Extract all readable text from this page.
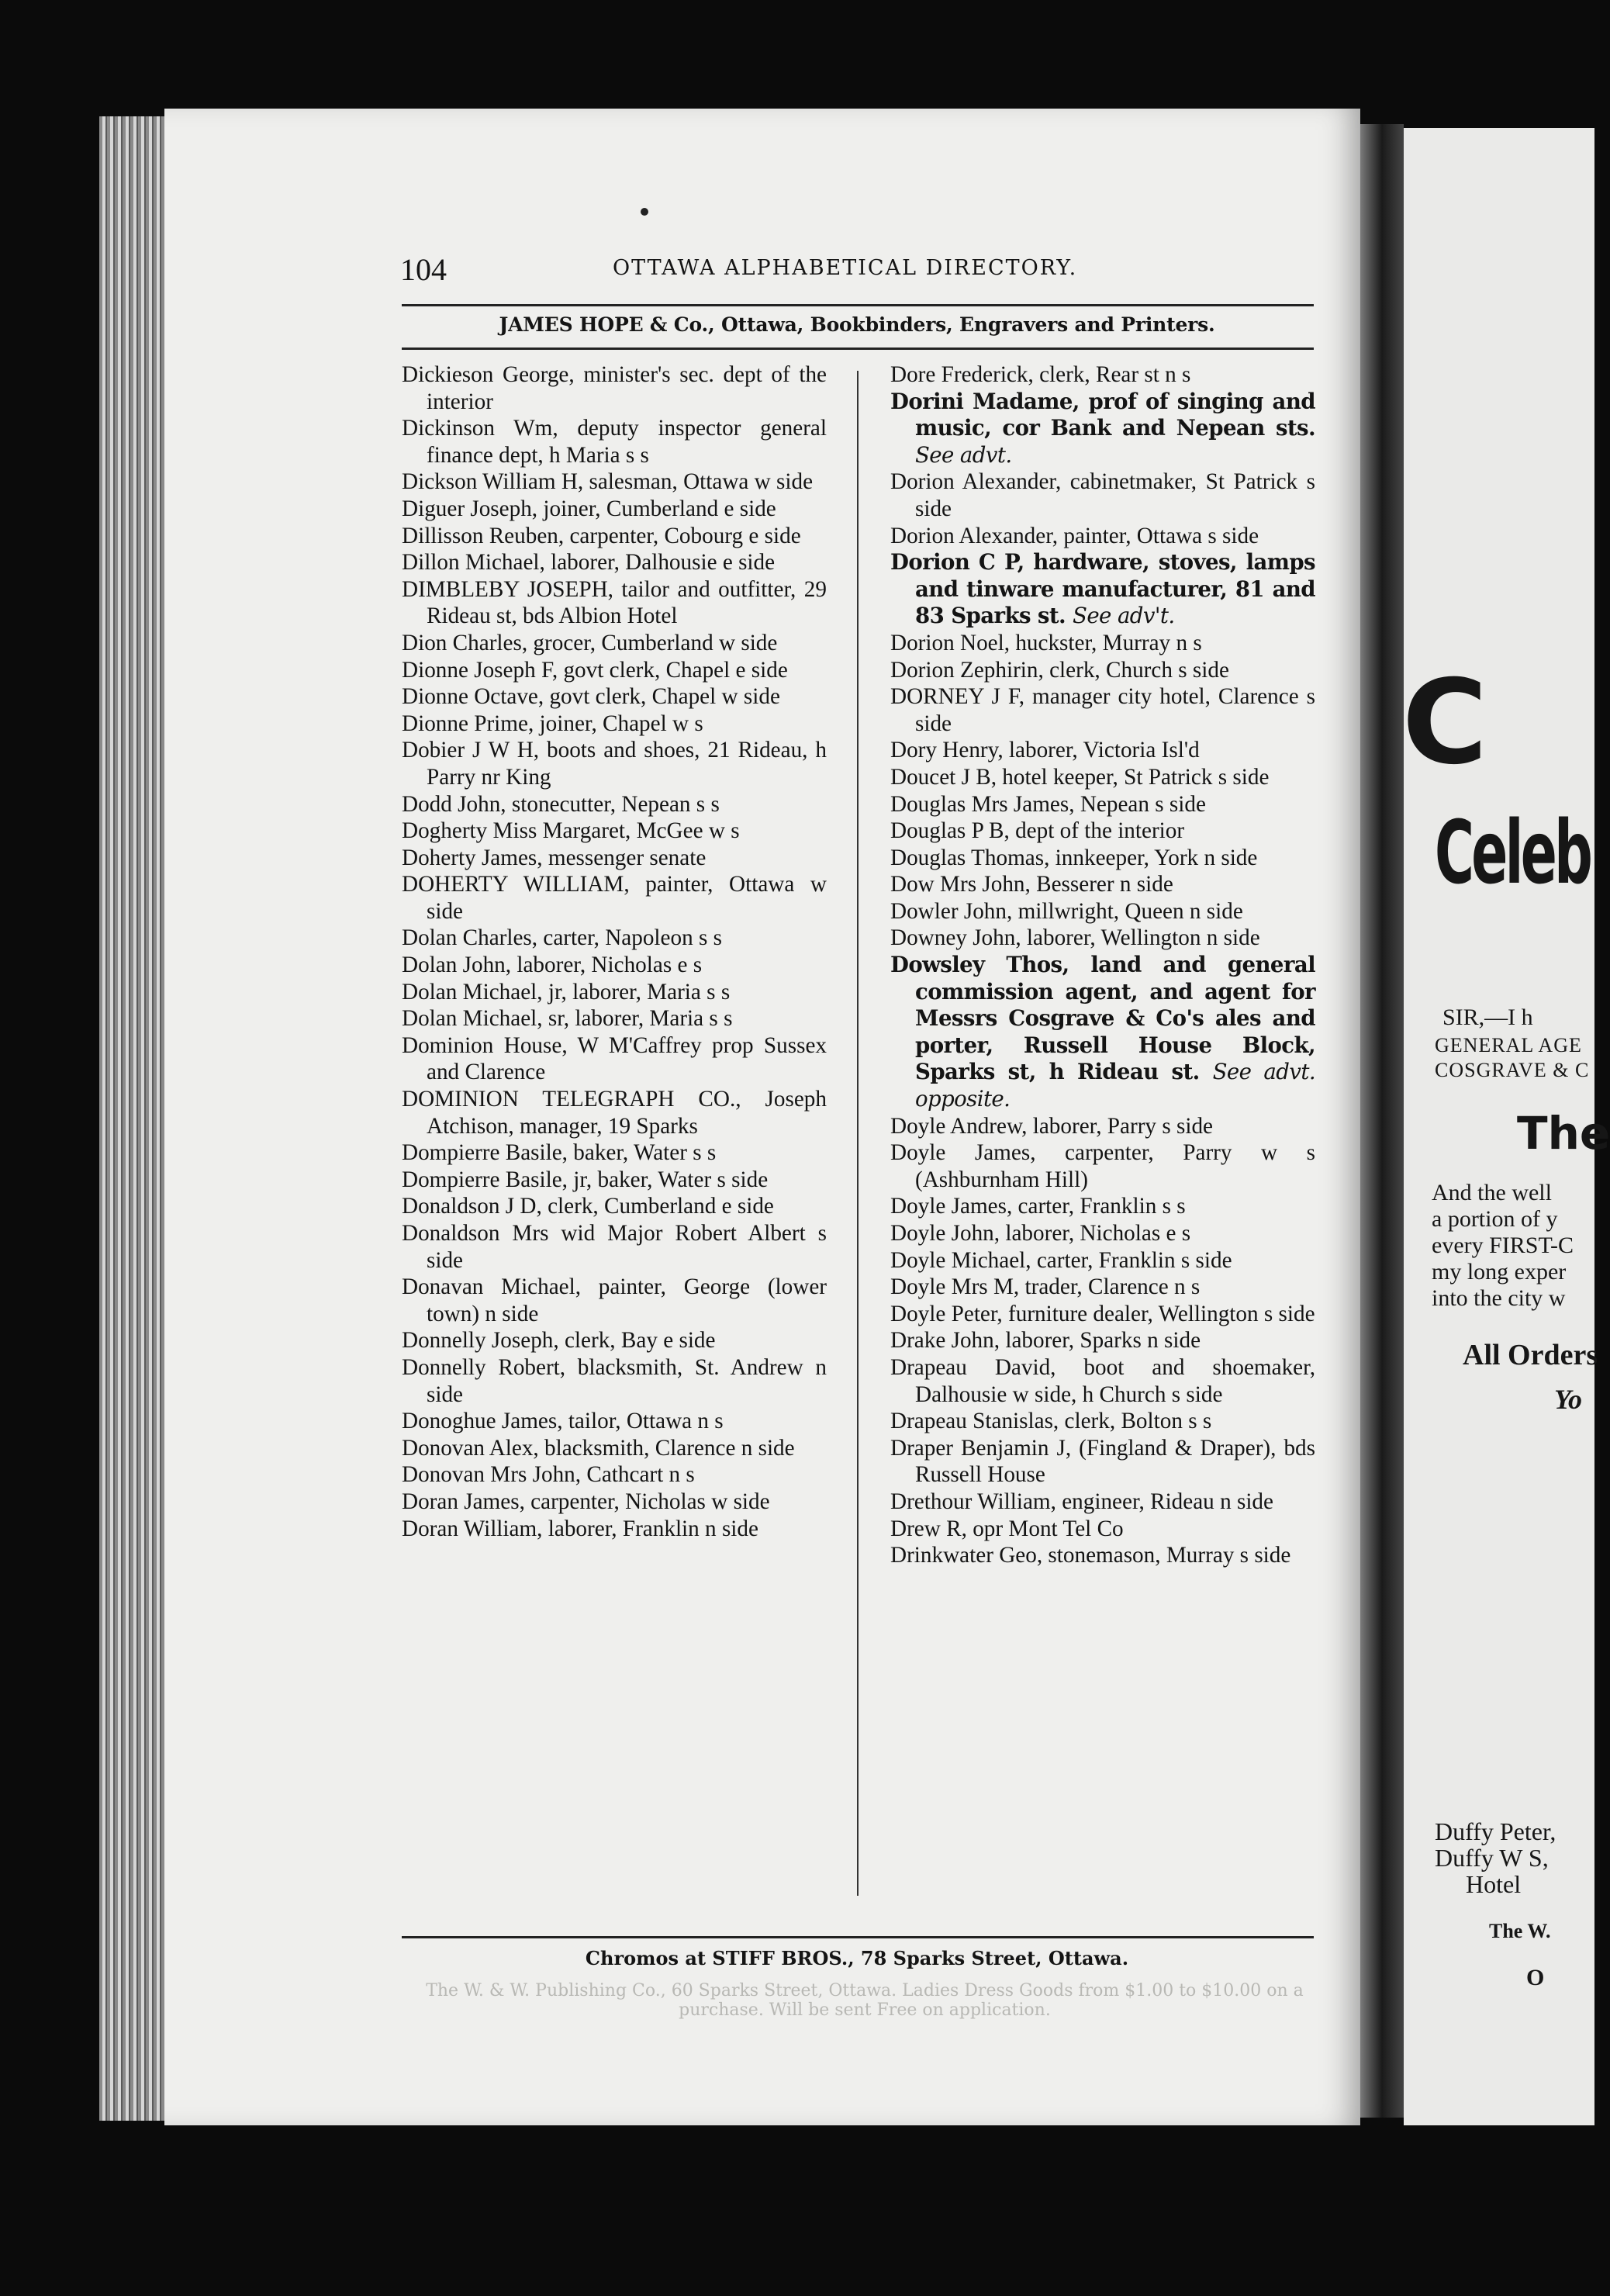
104	OTTAWA ALPHABETICAL DIRECTORY.
JAMES HOPE & Co., Ottawa, Bookbinders, Engravers and Printers.
Dickieson George, minister's sec. dept of the interior
Dickinson Wm, deputy inspector general finance dept, h Maria s s
Dickson William H, salesman, Ottawa w side
Diguer Joseph, joiner, Cumberland e side
Dillisson Reuben, carpenter, Cobourg e side
Dillon Michael, laborer, Dalhousie e side
DIMBLEBY JOSEPH, tailor and outfitter, 29 Rideau st, bds Albion Hotel
Dion Charles, grocer, Cumberland w side
Dionne Joseph F, govt clerk, Chapel e side
Dionne Octave, govt clerk, Chapel w side
Dionne Prime, joiner, Chapel w s
Dobier J W H, boots and shoes, 21 Rideau, h Parry nr King
Dodd John, stonecutter, Nepean s s
Dogherty Miss Margaret, McGee w s
Doherty James, messenger senate
DOHERTY WILLIAM, painter, Ottawa w side
Dolan Charles, carter, Napoleon s s
Dolan John, laborer, Nicholas e s
Dolan Michael, jr, laborer, Maria s s
Dolan Michael, sr, laborer, Maria s s
Dominion House, W M'Caffrey prop Sussex and Clarence
DOMINION TELEGRAPH CO., Joseph Atchison, manager, 19 Sparks
Dompierre Basile, baker, Water s s
Dompierre Basile, jr, baker, Water s side
Donaldson J D, clerk, Cumberland e side
Donaldson Mrs wid Major Robert Albert s side
Donavan Michael, painter, George (lower town) n side
Donnelly Joseph, clerk, Bay e side
Donnelly Robert, blacksmith, St. Andrew n side
Donoghue James, tailor, Ottawa n s
Donovan Alex, blacksmith, Clarence n side
Donovan Mrs John, Cathcart n s
Doran James, carpenter, Nicholas w side
Doran William, laborer, Franklin n side
Dore Frederick, clerk, Rear st n s
Dorini Madame, prof of singing and music, cor Bank and Nepean sts. See advt.
Dorion Alexander, cabinetmaker, St Patrick s side
Dorion Alexander, painter, Ottawa s side
Dorion C P, hardware, stoves, lamps and tinware manufacturer, 81 and 83 Sparks st. See adv't.
Dorion Noel, huckster, Murray n s
Dorion Zephirin, clerk, Church s side
DORNEY J F, manager city hotel, Clarence s side
Dory Henry, laborer, Victoria Isl'd
Doucet J B, hotel keeper, St Patrick s side
Douglas Mrs James, Nepean s side
Douglas P B, dept of the interior
Douglas Thomas, innkeeper, York n side
Dow Mrs John, Besserer n side
Dowler John, millwright, Queen n side
Downey John, laborer, Wellington n side
Dowsley Thos, land and general commission agent, and agent for Messrs Cosgrave & Co's ales and porter, Russell House Block, Sparks st, h Rideau st. See advt. opposite.
Doyle Andrew, laborer, Parry s side
Doyle James, carpenter, Parry w s (Ashburnham Hill)
Doyle James, carter, Franklin s s
Doyle John, laborer, Nicholas e s
Doyle Michael, carter, Franklin s side
Doyle Mrs M, trader, Clarence n s
Doyle Peter, furniture dealer, Wellington s side
Drake John, laborer, Sparks n side
Drapeau David, boot and shoemaker, Dalhousie w side, h Church s side
Drapeau Stanislas, clerk, Bolton s s
Draper Benjamin J, (Fingland & Draper), bds Russell House
Drethour William, engineer, Rideau n side
Drew R, opr Mont Tel Co
Drinkwater Geo, stonemason, Murray s side
Chromos at STIFF BROS., 78 Sparks Street, Ottawa.
The W. & W. Publishing Co., 60 Sparks Street, Ottawa. Ladies Dress Goods from $1.00 to $10.00 on a purchase. Will be sent Free on application.
C
Celeb
SIR,—I h
GENERAL AGE
COSGRAVE & C
The
And the well
a portion of y
every FIRST-C
my long exper
into the city w
All Orders
Yo
Duffy Peter,
Duffy W S,
Hotel
The W.
O
